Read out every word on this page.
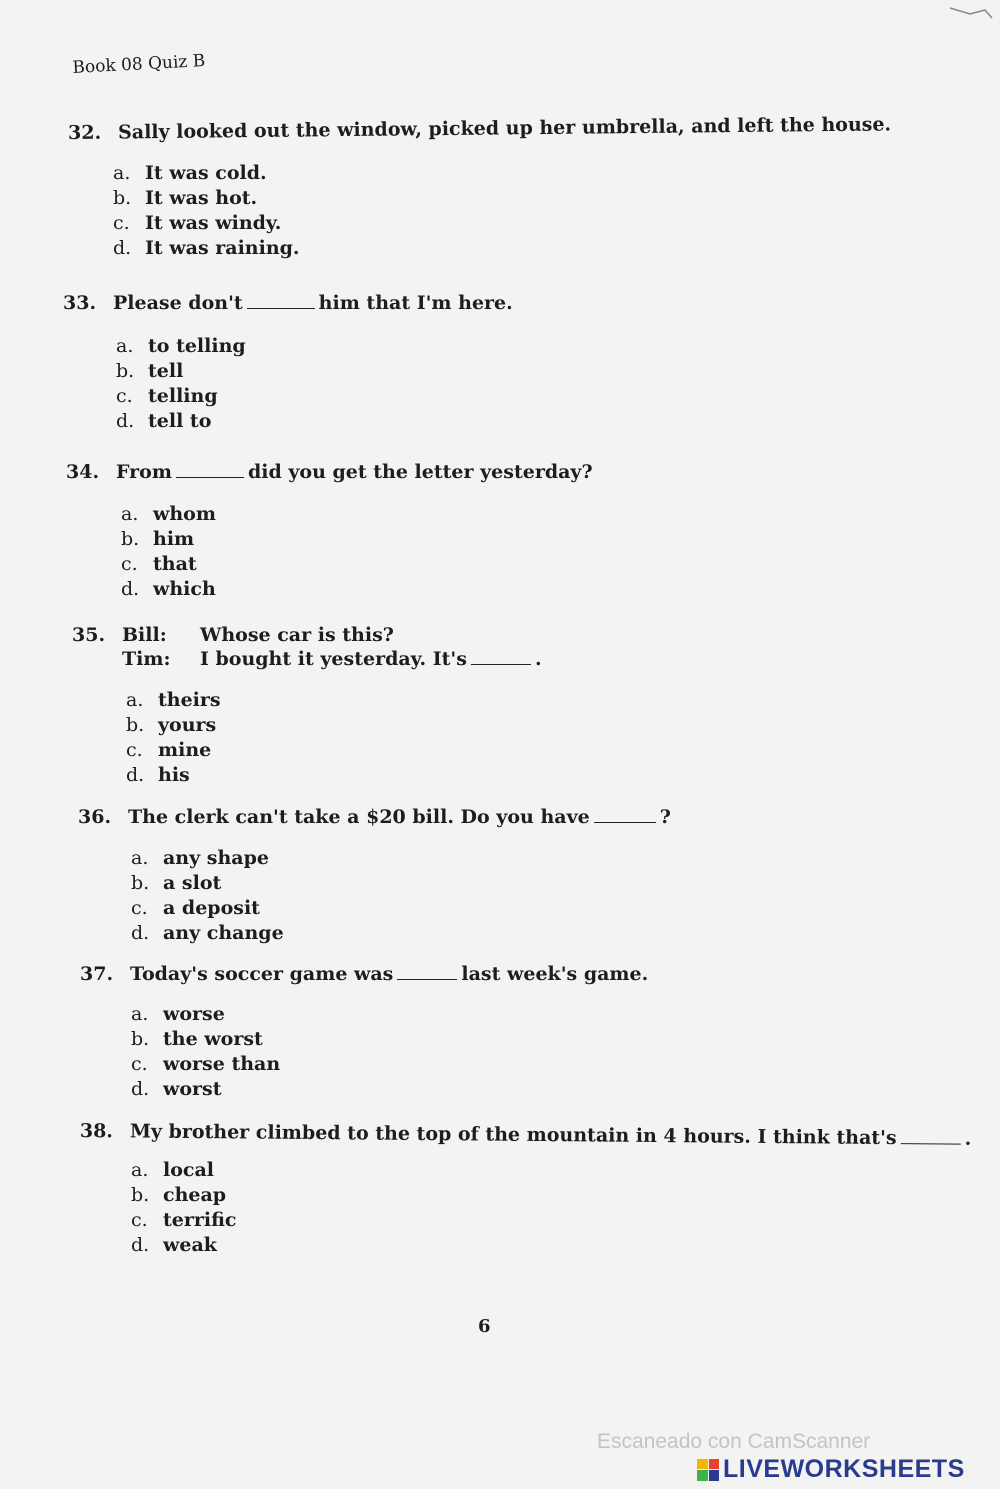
Book 08 Quiz B
32. Sally looked out the window, picked up her umbrella, and left the house.
a. It was cold.
b. It was hot.
c. It was windy.
d. It was raining.
33. Please don't	him that I'm here.
a. to telling
b. tell
c. telling
d. tell to
34. From	did you get the letter yesterday?
a. whom
b. him
c. that
d. which
35. Bill: Whose car is this?
Tim: I bought it yesterday. It's	.
a. theirs
b. yours
c. mine
d. his
36. The clerk can't take a $20 bill. Do you have	?
a. any shape
b. a slot
c. a deposit
d. any change
37. Today's soccer game was	last week's game.
a. worse
b. the worst
c. worse than
d. worst
38. My brother climbed to the top of the mountain in 4 hours. I think that's	.
a. local
b. cheap
c. terrific
d. weak
6
Escaneado con CamScanner
LIVEWORKSHEETS
